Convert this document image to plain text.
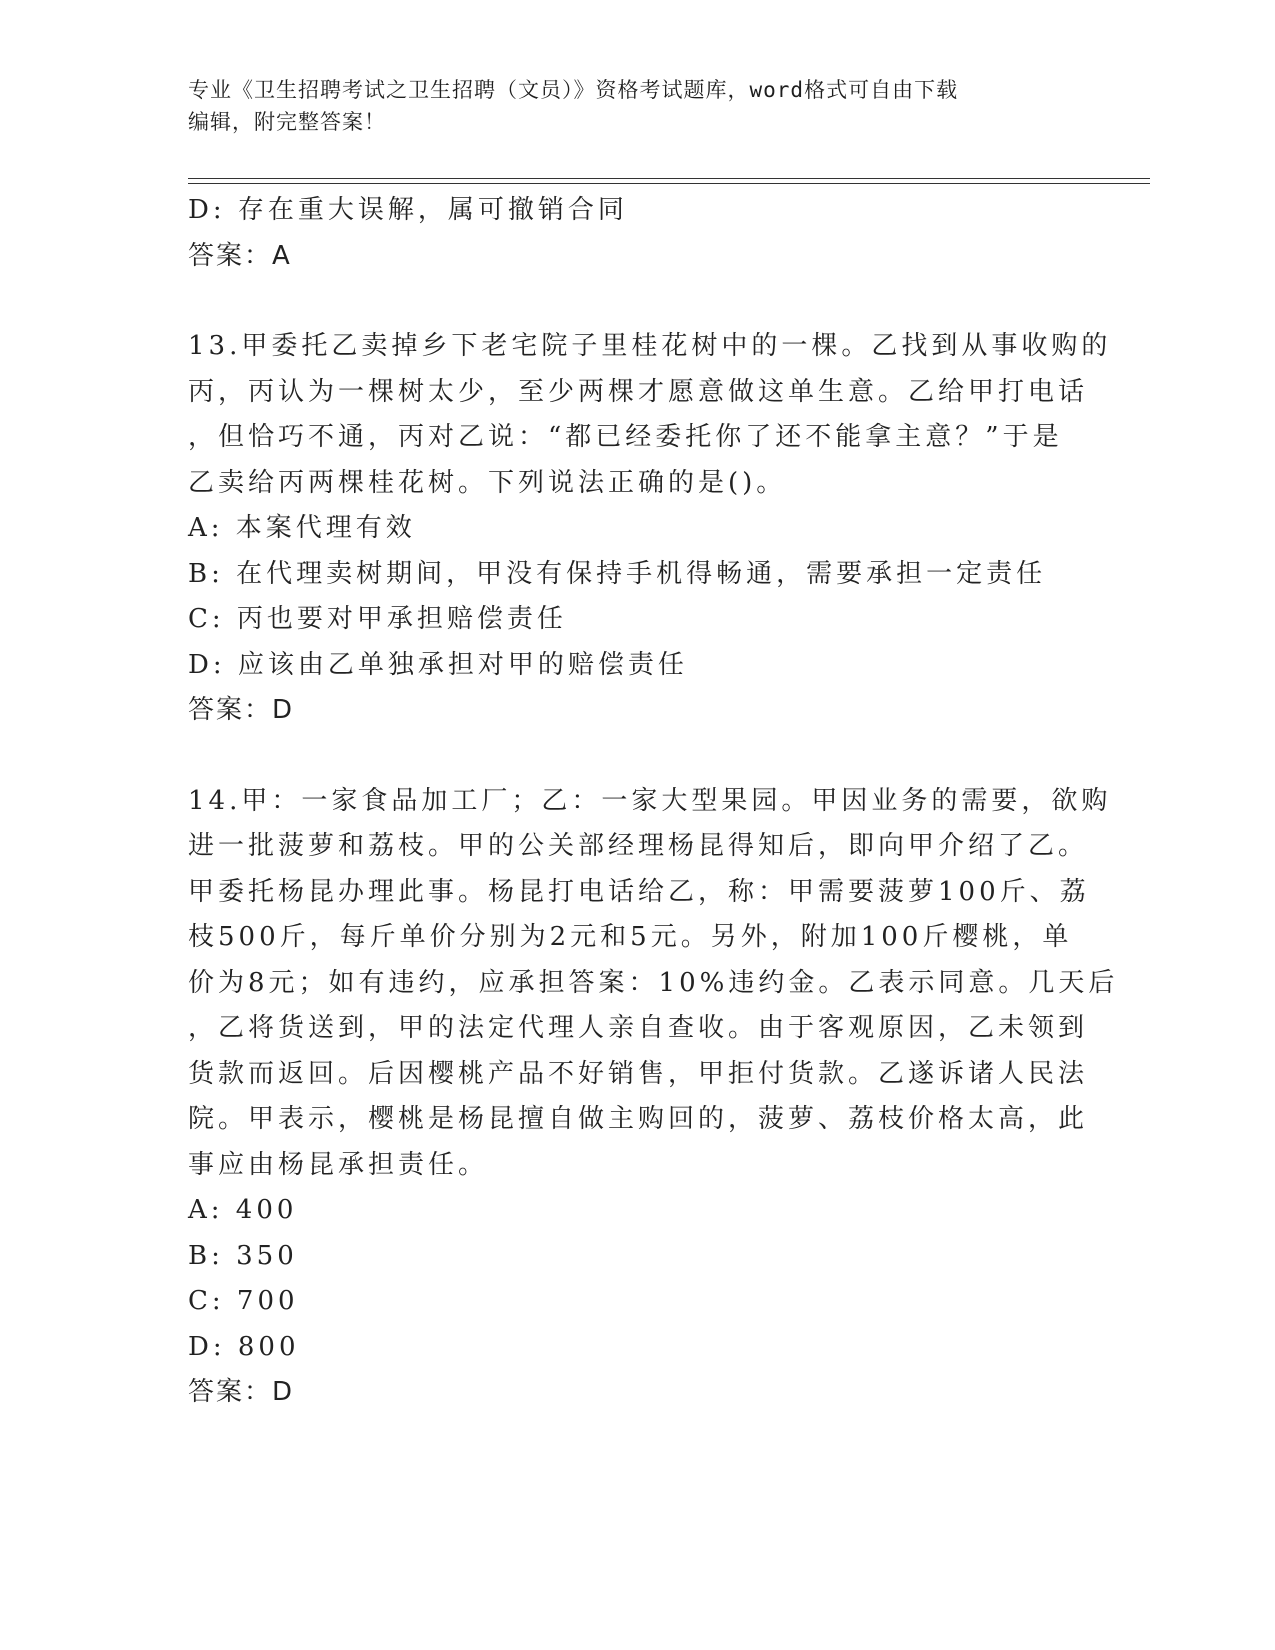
专业《卫生招聘考试之卫生招聘（文员）》资格考试题库，word格式可自由下载
编辑，附完整答案！
D: 存在重大误解，属可撤销合同
答案：A
13.甲委托乙卖掉乡下老宅院子里桂花树中的一棵。乙找到从事收购的
丙，丙认为一棵树太少，至少两棵才愿意做这单生意。乙给甲打电话
，但恰巧不通，丙对乙说：“都已经委托你了还不能拿主意？”于是
乙卖给丙两棵桂花树。下列说法正确的是()。
A: 本案代理有效
B: 在代理卖树期间，甲没有保持手机得畅通，需要承担一定责任
C: 丙也要对甲承担赔偿责任
D: 应该由乙单独承担对甲的赔偿责任
答案：D
14.甲：一家食品加工厂；乙：一家大型果园。甲因业务的需要，欲购
进一批菠萝和荔枝。甲的公关部经理杨昆得知后，即向甲介绍了乙。
甲委托杨昆办理此事。杨昆打电话给乙，称：甲需要菠萝100斤、荔
枝500斤，每斤单价分别为2元和5元。另外，附加100斤樱桃，单
价为8元；如有违约，应承担答案：10%违约金。乙表示同意。几天后
，乙将货送到，甲的法定代理人亲自查收。由于客观原因，乙未领到
货款而返回。后因樱桃产品不好销售，甲拒付货款。乙遂诉诸人民法
院。甲表示，樱桃是杨昆擅自做主购回的，菠萝、荔枝价格太高，此
事应由杨昆承担责任。
A: 400
B: 350
C: 700
D: 800
答案：D
